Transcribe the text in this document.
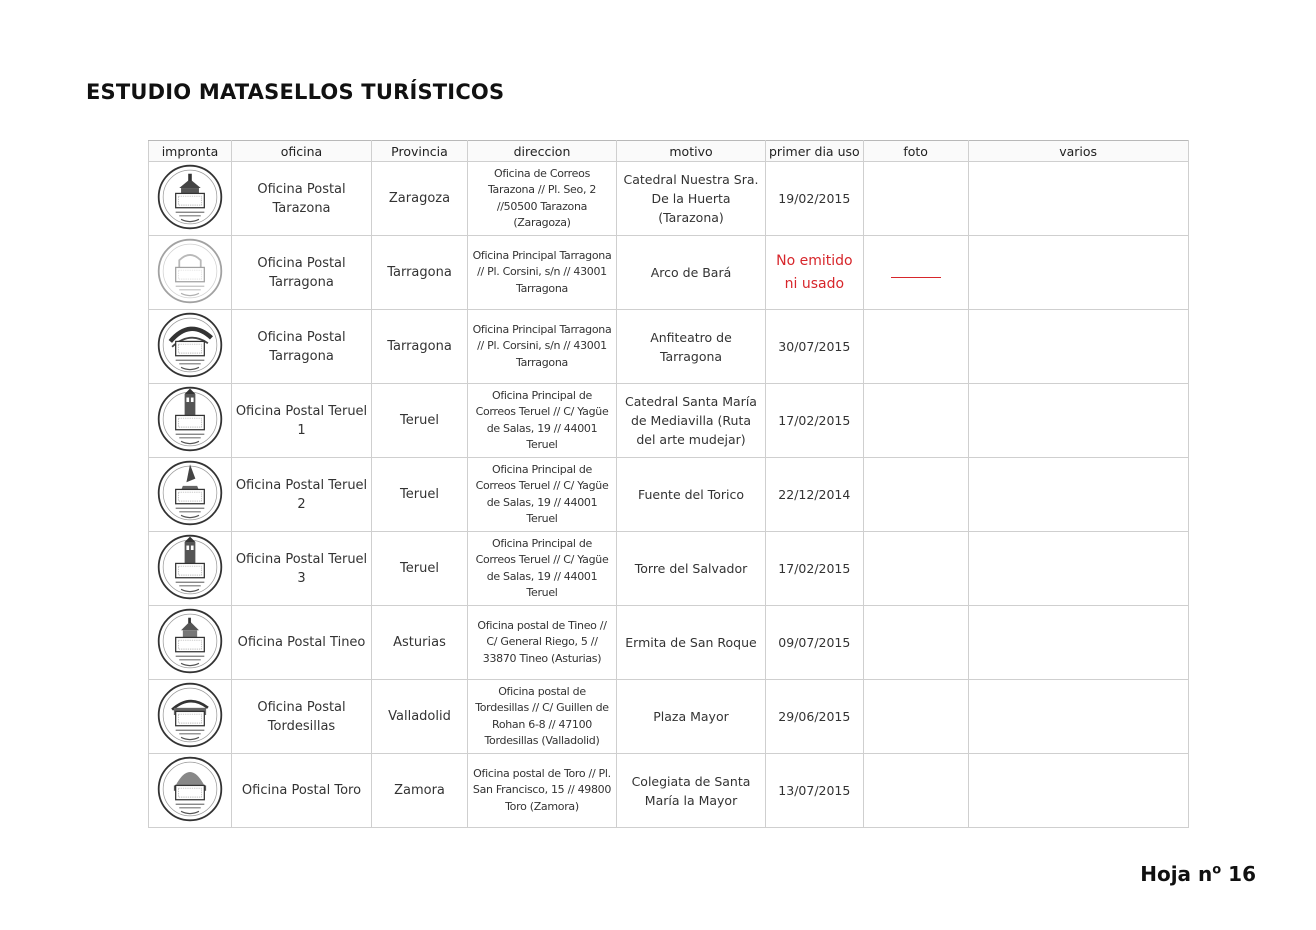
ESTUDIO MATASELLOS TURÍSTICOS
impronta	oficina	Provincia	direccion	motivo	primer dia uso	foto	varios

	Oficina Postal Tarazona	Zaragoza	Oficina de Correos Tarazona // Pl. Seo, 2 //50500 Tarazona (Zaragoza)	Catedral Nuestra Sra. De la Huerta (Tarazona)	19/02/2015		

	Oficina Postal Tarragona	Tarragona	Oficina Principal Tarragona // Pl. Corsini, s/n // 43001 Tarragona	Arco de Bará	No emitido ni usado		

	Oficina Postal Tarragona	Tarragona	Oficina Principal Tarragona // Pl. Corsini, s/n // 43001 Tarragona	Anfiteatro de Tarragona	30/07/2015		

	Oficina Postal Teruel 1	Teruel	Oficina Principal de Correos Teruel // C/ Yagüe de Salas, 19 // 44001 Teruel	Catedral Santa María de Mediavilla (Ruta del arte mudejar)	17/02/2015		

	Oficina Postal Teruel 2	Teruel	Oficina Principal de Correos Teruel // C/ Yagüe de Salas, 19 // 44001 Teruel	Fuente del Torico	22/12/2014		

	Oficina Postal Teruel 3	Teruel	Oficina Principal de Correos Teruel // C/ Yagüe de Salas, 19 // 44001 Teruel	Torre del Salvador	17/02/2015		

	Oficina Postal Tineo	Asturias	Oficina postal de Tineo // C/ General Riego, 5 // 33870 Tineo (Asturias)	Ermita de San Roque	09/07/2015		

	Oficina Postal Tordesillas	Valladolid	Oficina postal de Tordesillas // C/ Guillen de Rohan 6-8 // 47100 Tordesillas (Valladolid)	Plaza Mayor	29/06/2015		

	Oficina Postal Toro	Zamora	Oficina postal de Toro // Pl. San Francisco, 15 // 49800 Toro (Zamora)	Colegiata de Santa María la Mayor	13/07/2015		
Hoja $n^o$ 16
